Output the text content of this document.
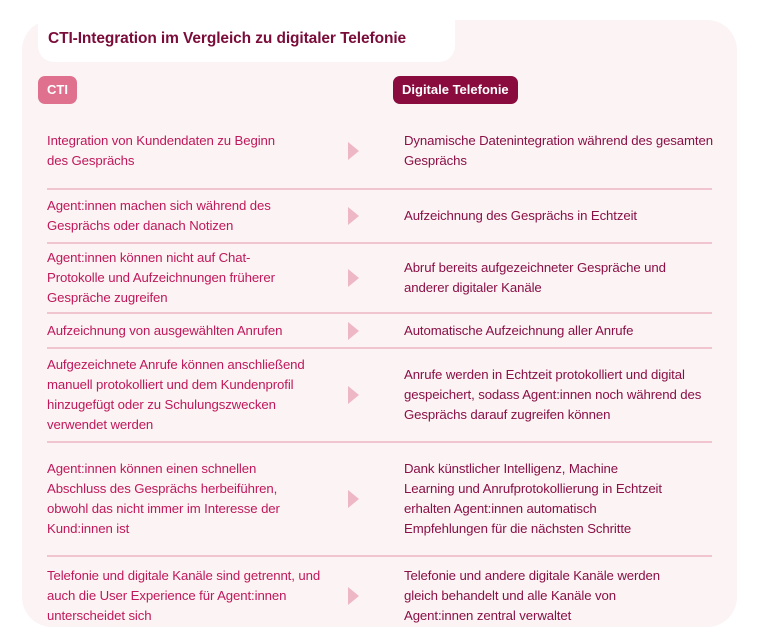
CTI-Integration im Vergleich zu digitaler Telefonie
CTI	Digitale Telefonie
Integration von Kundendaten zu Beginn des Gesprächs
Dynamische Datenintegration während des gesamten Gesprächs
Agent:innen machen sich während des Gesprächs oder danach Notizen
Aufzeichnung des Gesprächs in Echtzeit
Agent:innen können nicht auf Chat-Protokolle und Aufzeichnungen früherer Gespräche zugreifen
Abruf bereits aufgezeichneter Gespräche und anderer digitaler Kanäle
Aufzeichnung von ausgewählten Anrufen	Automatische Aufzeichnung aller Anrufe
Aufgezeichnete Anrufe können anschließend manuell protokolliert und dem Kundenprofil hinzugefügt oder zu Schulungszwecken verwendet werden
Anrufe werden in Echtzeit protokolliert und digital gespeichert, sodass Agent:innen noch während des Gesprächs darauf zugreifen können
Agent:innen können einen schnellen Abschluss des Gesprächs herbeiführen, obwohl das nicht immer im Interesse der Kund:innen ist
Dank künstlicher Intelligenz, Machine Learning und Anrufprotokollierung in Echtzeit erhalten Agent:innen automatisch Empfehlungen für die nächsten Schritte
Telefonie und digitale Kanäle sind getrennt, und auch die User Experience für Agent:innen unterscheidet sich
Telefonie und andere digitale Kanäle werden gleich behandelt und alle Kanäle von Agent:innen zentral verwaltet
